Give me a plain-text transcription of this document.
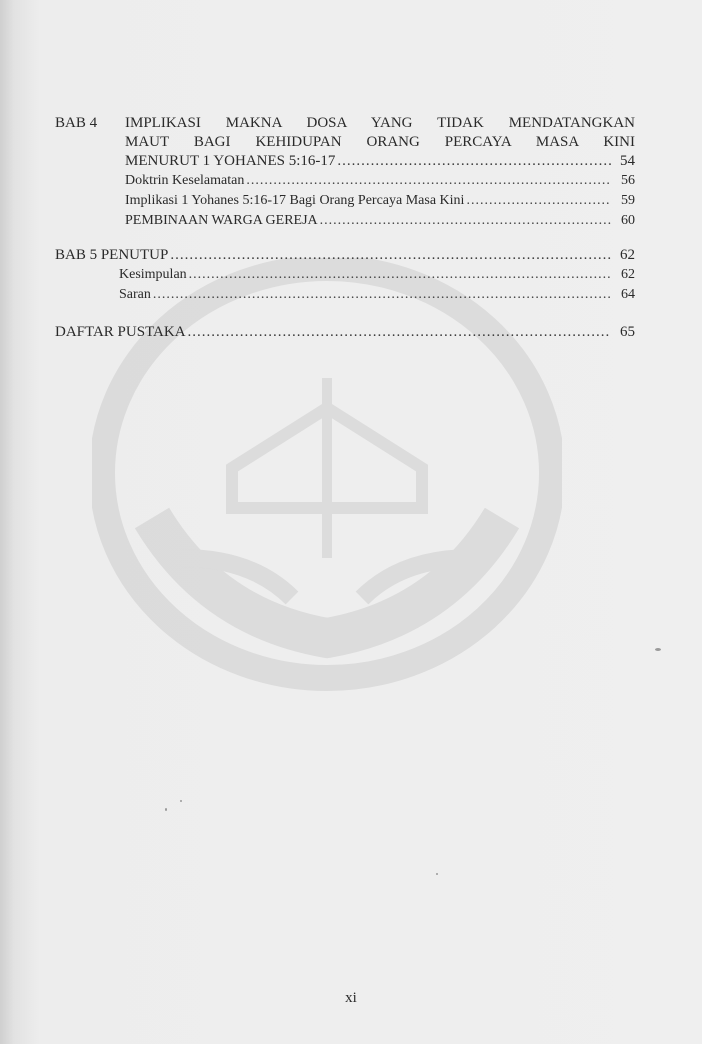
BAB 4	IMPLIKASI MAKNA DOSA YANG TIDAK MENDATANGKAN
MAUT BAGI KEHIDUPAN ORANG PERCAYA MASA KINI
MENURUT 1 YOHANES 5:16-17 .....	54
Doktrin Keselamatan .....	56
Implikasi 1 Yohanes 5:16-17 Bagi Orang Percaya Masa Kini .....	59
PEMBINAAN WARGA GEREJA .....	60
BAB 5 PENUTUP .....	62
Kesimpulan .....	62
Saran .....	64
DAFTAR PUSTAKA .....	65
xi
